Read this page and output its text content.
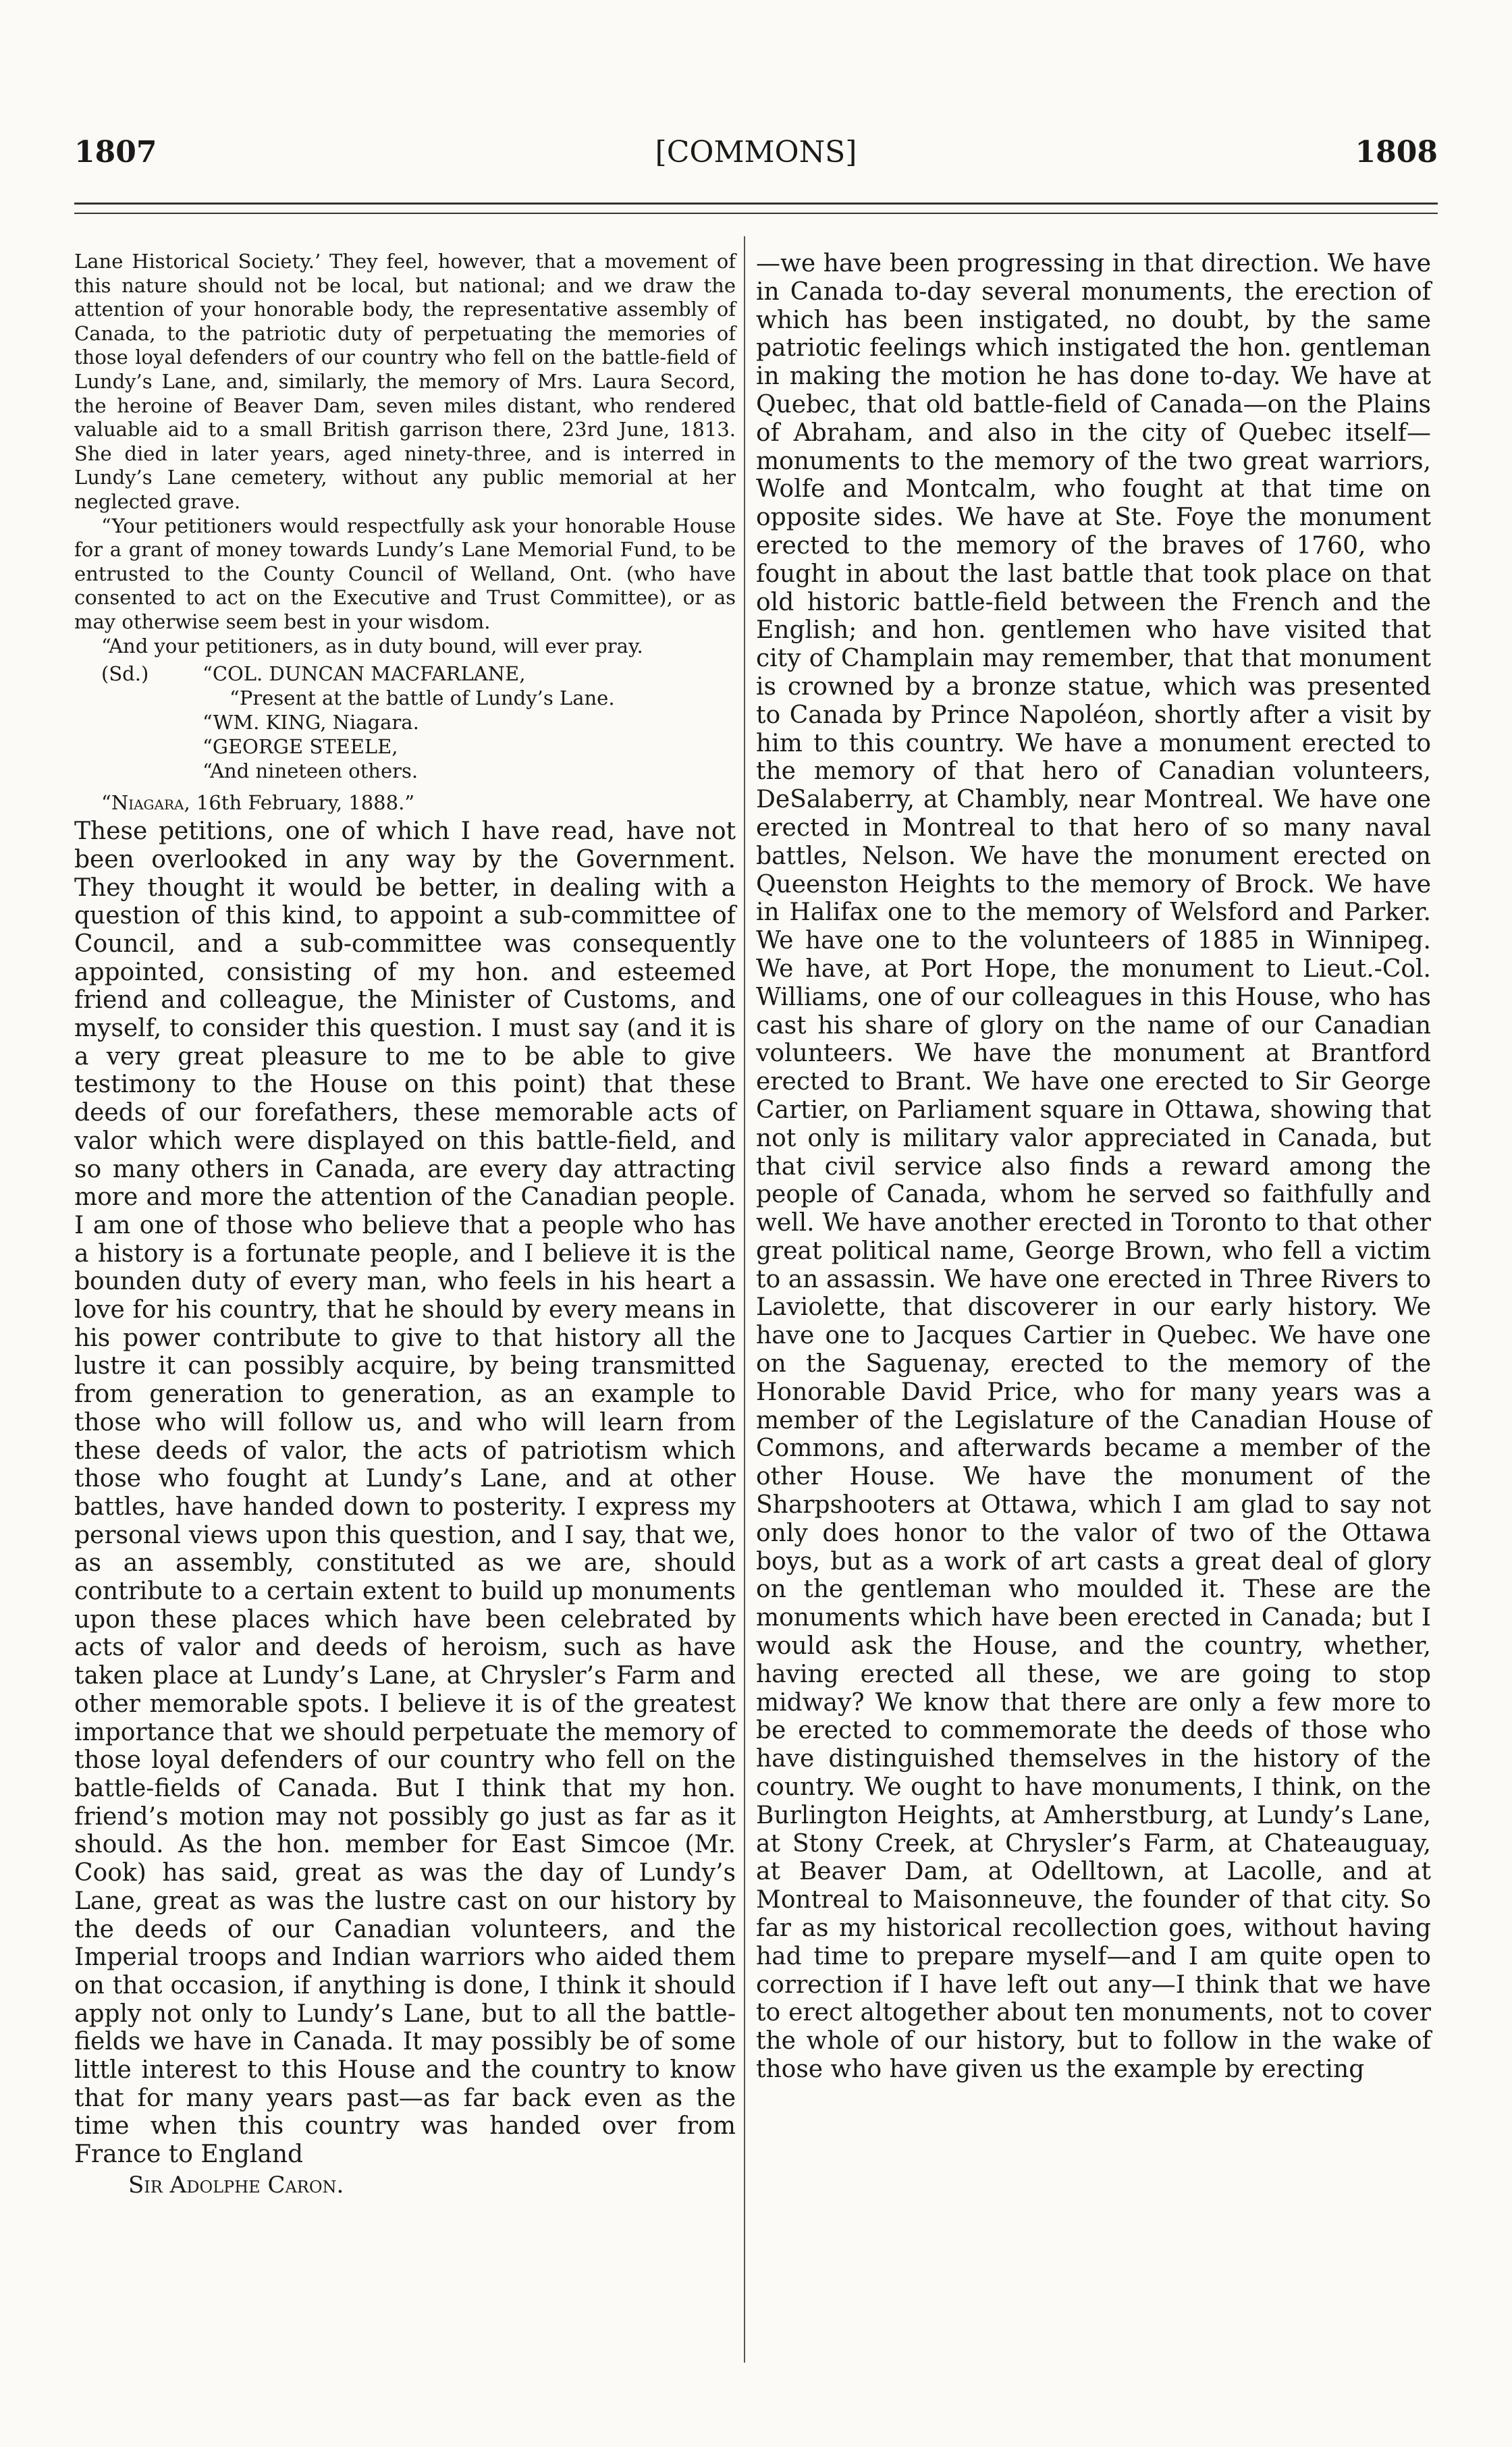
[COMMONS]
1807	1808

Lane Historical Society.’ They feel, however, that a movement of this nature should not be local, but national; and we draw the attention of your honorable body, the representative assembly of Canada, to the patriotic duty of perpetuating the memories of those loyal defenders of our country who fell on the battle-field of Lundy’s Lane, and, similarly, the memory of Mrs. Laura Secord, the heroine of Beaver Dam, seven miles distant, who rendered valuable aid to a small British garrison there, 23rd June, 1813. She died in later years, aged ninety-three, and is interred in Lundy’s Lane cemetery, without any public memorial at her neglected grave.

“Your petitioners would respectfully ask your honorable House for a grant of money towards Lundy’s Lane Memorial Fund, to be entrusted to the County Council of Welland, Ont. (who have consented to act on the Executive and Trust Committee), or as may otherwise seem best in your wisdom.

“And your petitioners, as in duty bound, will ever pray.

(Sd.)	“COL. DUNCAN MACFARLANE,
“Present at the battle of Lundy’s Lane.
“WM. KING, Niagara.
“GEORGE STEELE,
“And nineteen others.

“Niagara, 16th February, 1888.”

These petitions, one of which I have read, have not been overlooked in any way by the Government. They thought it would be better, in dealing with a question of this kind, to appoint a sub-committee of Council, and a sub-committee was consequently appointed, consisting of my hon. and esteemed friend and colleague, the Minister of Customs, and myself, to consider this question. I must say (and it is a very great pleasure to me to be able to give testimony to the House on this point) that these deeds of our forefathers, these memorable acts of valor which were displayed on this battle-field, and so many others in Canada, are every day attracting more and more the attention of the Canadian people. I am one of those who believe that a people who has a history is a fortunate people, and I believe it is the bounden duty of every man, who feels in his heart a love for his country, that he should by every means in his power contribute to give to that history all the lustre it can possibly acquire, by being transmitted from generation to generation, as an example to those who will follow us, and who will learn from these deeds of valor, the acts of patriotism which those who fought at Lundy’s Lane, and at other battles, have handed down to posterity. I express my personal views upon this question, and I say, that we, as an assembly, constituted as we are, should contribute to a certain extent to build up monuments upon these places which have been celebrated by acts of valor and deeds of heroism, such as have taken place at Lundy’s Lane, at Chrysler’s Farm and other memorable spots. I believe it is of the greatest importance that we should perpetuate the memory of those loyal defenders of our country who fell on the battle-fields of Canada. But I think that my hon. friend’s motion may not possibly go just as far as it should. As the hon. member for East Simcoe (Mr. Cook) has said, great as was the day of Lundy’s Lane, great as was the lustre cast on our history by the deeds of our Canadian volunteers, and the Imperial troops and Indian warriors who aided them on that occasion, if anything is done, I think it should apply not only to Lundy’s Lane, but to all the battle-fields we have in Canada. It may possibly be of some little interest to this House and the country to know that for many years past—as far back even as the time when this country was handed over from France to England

Sir Adolphe Caron.

—we have been progressing in that direction. We have in Canada to-day several monuments, the erection of which has been instigated, no doubt, by the same patriotic feelings which instigated the hon. gentleman in making the motion he has done to-day. We have at Quebec, that old battle-field of Canada—on the Plains of Abraham, and also in the city of Quebec itself—monuments to the memory of the two great warriors, Wolfe and Montcalm, who fought at that time on opposite sides. We have at Ste. Foye the monument erected to the memory of the braves of 1760, who fought in about the last battle that took place on that old historic battle-field between the French and the English; and hon. gentlemen who have visited that city of Champlain may remember, that that monument is crowned by a bronze statue, which was presented to Canada by Prince Napoléon, shortly after a visit by him to this country. We have a monument erected to the memory of that hero of Canadian volunteers, DeSalaberry, at Chambly, near Montreal. We have one erected in Montreal to that hero of so many naval battles, Nelson. We have the monument erected on Queenston Heights to the memory of Brock. We have in Halifax one to the memory of Welsford and Parker. We have one to the volunteers of 1885 in Winnipeg. We have, at Port Hope, the monument to Lieut.-Col. Williams, one of our colleagues in this House, who has cast his share of glory on the name of our Canadian volunteers. We have the monument at Brantford erected to Brant. We have one erected to Sir George Cartier, on Parliament square in Ottawa, showing that not only is military valor appreciated in Canada, but that civil service also finds a reward among the people of Canada, whom he served so faithfully and well. We have another erected in Toronto to that other great political name, George Brown, who fell a victim to an assassin. We have one erected in Three Rivers to Laviolette, that discoverer in our early history. We have one to Jacques Cartier in Quebec. We have one on the Saguenay, erected to the memory of the Honorable David Price, who for many years was a member of the Legislature of the Canadian House of Commons, and afterwards became a member of the other House. We have the monument of the Sharpshooters at Ottawa, which I am glad to say not only does honor to the valor of two of the Ottawa boys, but as a work of art casts a great deal of glory on the gentleman who moulded it. These are the monuments which have been erected in Canada; but I would ask the House, and the country, whether, having erected all these, we are going to stop midway? We know that there are only a few more to be erected to commemorate the deeds of those who have distinguished themselves in the history of the country. We ought to have monuments, I think, on the Burlington Heights, at Amherstburg, at Lundy’s Lane, at Stony Creek, at Chrysler’s Farm, at Chateauguay, at Beaver Dam, at Odelltown, at Lacolle, and at Montreal to Maisonneuve, the founder of that city. So far as my historical recollection goes, without having had time to prepare myself—and I am quite open to correction if I have left out any—I think that we have to erect altogether about ten monuments, not to cover the whole of our history, but to follow in the wake of those who have given us the example by erecting
